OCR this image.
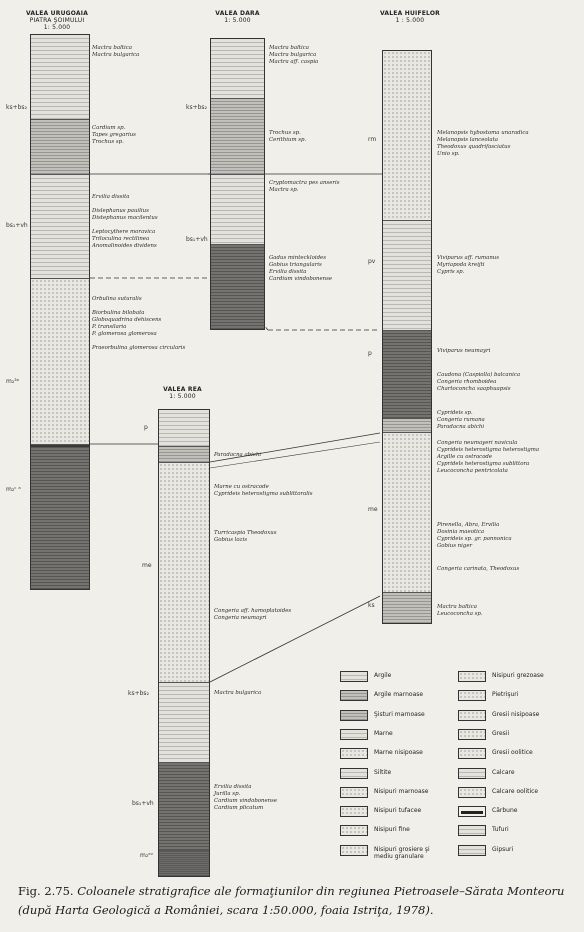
VALEA URUGOAIA
PIATRA ŞOIMULUI
1: 5.000
ks+bs₂
bs₁+vh
m₂³ᵃ
m₂ᶜ ᵃ
Mactra baltica
Mactra bulgarica
Cardium sp.
Tapes gregarius
Trochus sp.
Ervilia dissita
Dislephanus pauilius
Distephanus macilentus
Leptocythere moravica
Triloculina rectilinea
Anomalinoides dividens
Orbulina suturalis
Biorbulina bilobata
Globoquadrina dehiscens
P. transilaria
P. glomerosa glomerosa
Praeorbulina glomerosa circularis
VALEA DARA
1: 5.000
ks+bs₂
bs₁+vh
Mactra baltica
Mactra bulgarica
Mactra aff. caspia
Trochus sp.
Cerithium sp.
Cryptomactra pes anseris
Mactra sp.
Gadus minteckloides
Gobius triangularis
Ervilia dissita
Cardium vindobonense
VALEA HUIFELOR
1 : 5.000
rm
pv
p
me
ks
Melanopsis hybostoma unaradica
Melanopsis lanceolata
Theodoxus quadrifasciatus
Unio sp.
Viviparus aff. rumanus
Myriapoda kreijti
Cypris sp.
Viviparus neumayri
Caudona (Caspiolla) balcanica
Congeria rhomboidea
Chartoconcha saaphuapsis
Cyprideis sp.
Congeria rumana
Paradacna abichi
Congeria neumayeri navicula
Cyprideis heterostigma heterostigma
Argille cu ostracode
Cypridels heterostigma sublittora
Leucoconcha pentricolata
Pirenella, Abra, Ervilia
Dosinia maeotica
Cyprideis sp. gr. pannonica
Gobius niger
Congeria carinata, Theodoxus
Mactra baltica
Leucoconcha sp.
VALEA REA
1: 5.000
p
me
ks+bs₂
bs₁+vh
m₂ᵉᵛ
Paradacna abichi
Marne cu ostracode
Cyprideis heterostigma sublittoralis
Turricaspia Theodoxus
Gobius lozis
Congeria aff. hamoplatoides
Congeria neumayri
Mactra bulgarica
Ervilia dissita
Jurilla sp.
Cardium vindobonense
Cardium plicatum
Argile
Argile marnoase
Şisturi marnoase
Marne
Marne nisipoase
Siltite
Nisipuri marnoase
Nisipuri tufacee
Nisipuri fine
Nisipuri grosiere şi mediu granulare
Nisipuri grezoase
Pietrişuri
Gresii nisipoase
Gresii
Gresii oolitice
Calcare
Calcare oolitice
Cărbune
Tufuri
Gipsuri
Fig. 2.75. Coloanele stratigrafice ale formaţiunilor din regiunea Pietroasele–Sărata Monteoru (după Harta Geologică a României, scara 1:50.000, foaia Istriţa, 1978).
